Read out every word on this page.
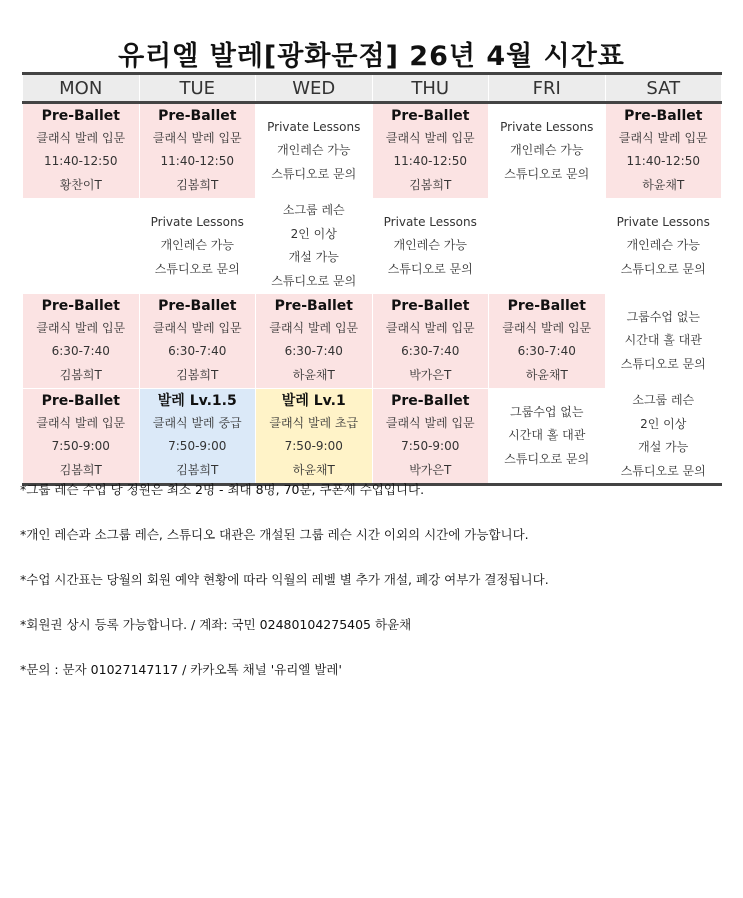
유리엘 발레[광화문점] 26년 4월 시간표
MON	TUE	WED	THU	FRI	SAT

Pre-Ballet
클래식 발레 입문
11:40-12:50
황찬이T	Pre-Ballet
클래식 발레 입문
11:40-12:50
김봄희T	Private Lessons
개인레슨 가능
스튜디오로 문의	Pre-Ballet
클래식 발레 입문
11:40-12:50
김봄희T	Private Lessons
개인레슨 가능
스튜디오로 문의	Pre-Ballet
클래식 발레 입문
11:40-12:50
하윤채T

	Private Lessons
개인레슨 가능
스튜디오로 문의	소그룹 레슨
2인 이상
개설 가능
스튜디오로 문의	Private Lessons
개인레슨 가능
스튜디오로 문의		Private Lessons
개인레슨 가능
스튜디오로 문의

Pre-Ballet
클래식 발레 입문
6:30-7:40
김봄희T	Pre-Ballet
클래식 발레 입문
6:30-7:40
김봄희T	Pre-Ballet
클래식 발레 입문
6:30-7:40
하윤채T	Pre-Ballet
클래식 발레 입문
6:30-7:40
박가은T	Pre-Ballet
클래식 발레 입문
6:30-7:40
하윤채T	그룹수업 없는
시간대 홀 대관
스튜디오로 문의

Pre-Ballet
클래식 발레 입문
7:50-9:00
김봄희T	발레 Lv.1.5
클래식 발레 중급
7:50-9:00
김봄희T	발레 Lv.1
클래식 발레 초급
7:50-9:00
하윤채T	Pre-Ballet
클래식 발레 입문
7:50-9:00
박가은T	그룹수업 없는
시간대 홀 대관
스튜디오로 문의	소그룹 레슨
2인 이상
개설 가능
스튜디오로 문의
*그룹 레슨 수업 당 정원은 최소 2명 - 최대 8명, 70분, 쿠폰제 수업입니다.
*개인 레슨과 소그룹 레슨, 스튜디오 대관은 개설된 그룹 레슨 시간 이외의 시간에 가능합니다.
*수업 시간표는 당월의 회원 예약 현황에 따라 익월의 레벨 별 추가 개설, 폐강 여부가 결정됩니다.
*회원권 상시 등록 가능합니다. / 계좌: 국민 02480104275405 하윤채
*문의 : 문자 01027147117 / 카카오톡 채널 '유리엘 발레'
